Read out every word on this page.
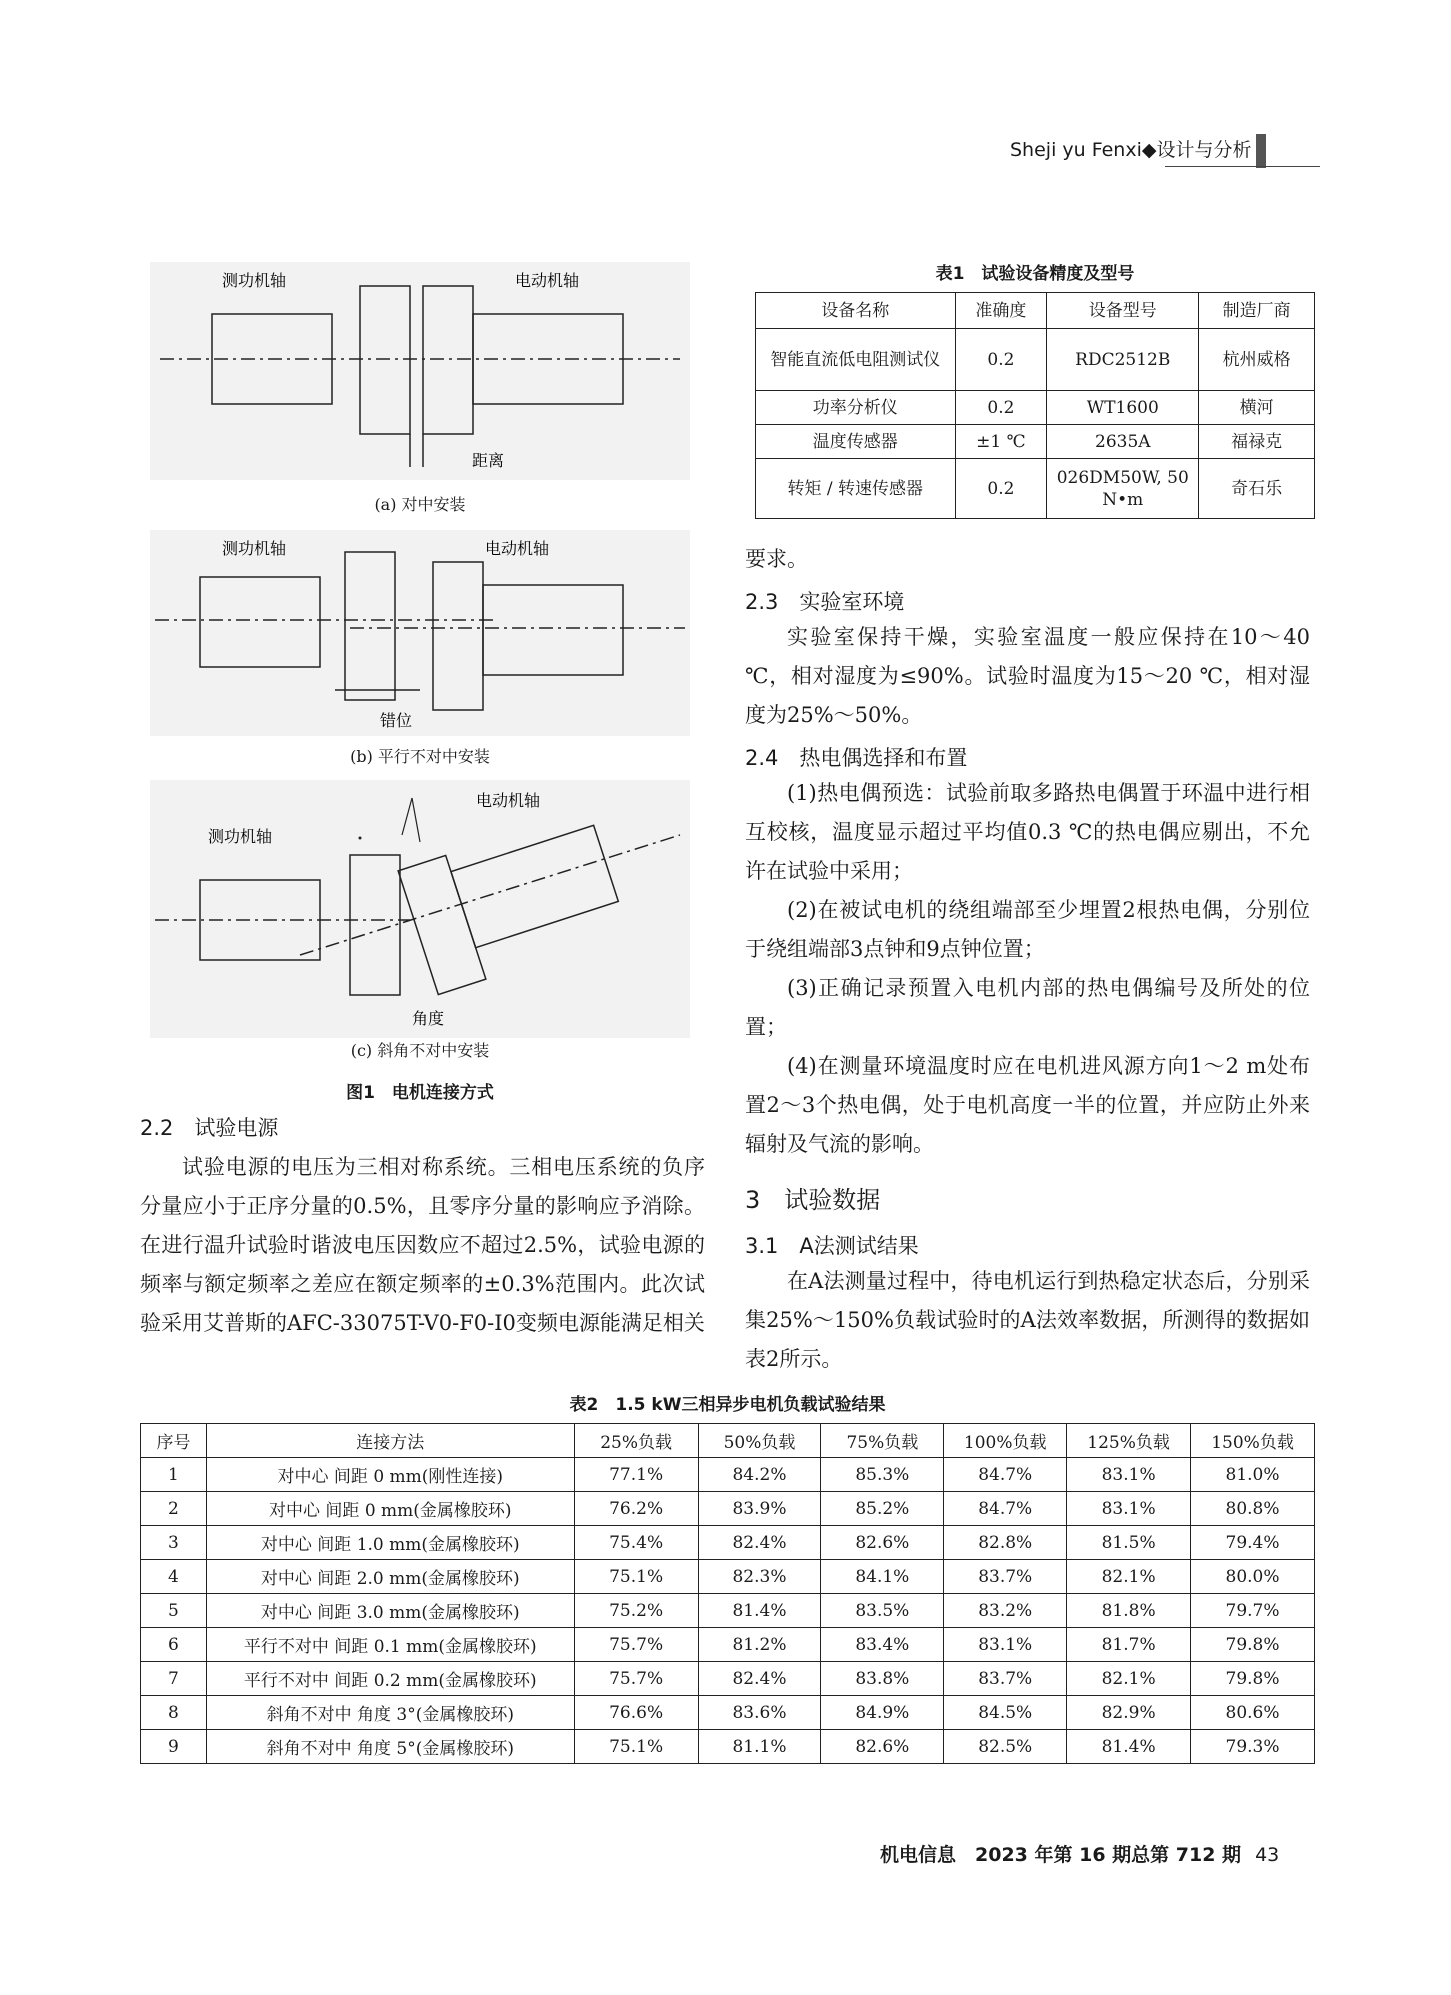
Sheji yu Fenxi◆设计与分析
测功机轴	电动机轴
距离
(a) 对中安装
测功机轴	电动机轴
错位
(b) 平行不对中安装
测功机轴
电动机轴
角度
(c) 斜角不对中安装
图1　电机连接方式
2.2　试验电源

试验电源的电压为三相对称系统。三相电压系统的负序分量应小于正序分量的0.5%，且零序分量的影响应予消除。在进行温升试验时谐波电压因数应不超过2.5%，试验电源的频率与额定频率之差应在额定频率的±0.3%范围内。此次试验采用艾普斯的AFC-33075T-V0-F0-I0变频电源能满足相关

表1　试验设备精度及型号
设备名称	准确度	设备型号	制造厂商
智能直流低电阻测试仪	0.2	RDC2512B	杭州威格
功率分析仪	0.2	WT1600	横河
温度传感器	±1 ℃	2635A	福禄克
转矩 / 转速传感器	0.2	026DM50W, 50 N•m	奇石乐

要求。

2.3　实验室环境

实验室保持干燥，实验室温度一般应保持在10～40 ℃，相对湿度为≤90%。试验时温度为15～20 ℃，相对湿度为25%～50%。

2.4　热电偶选择和布置

(1)热电偶预选：试验前取多路热电偶置于环温中进行相互校核，温度显示超过平均值0.3 ℃的热电偶应剔出，不允许在试验中采用；

(2)在被试电机的绕组端部至少埋置2根热电偶，分别位于绕组端部3点钟和9点钟位置；

(3)正确记录预置入电机内部的热电偶编号及所处的位置；

(4)在测量环境温度时应在电机进风源方向1～2 m处布置2～3个热电偶，处于电机高度一半的位置，并应防止外来辐射及气流的影响。

3　试验数据
3.1　A法测试结果

在A法测量过程中，待电机运行到热稳定状态后，分别采集25%～150%负载试验时的A法效率数据，所测得的数据如表2所示。

表2　1.5 kW三相异步电机负载试验结果
序号	连接方法	25%负载	50%负载	75%负载	100%负载	125%负载	150%负载
1	对中心 间距 0 mm(刚性连接)	77.1%	84.2%	85.3%	84.7%	83.1%	81.0%
2	对中心 间距 0 mm(金属橡胶环)	76.2%	83.9%	85.2%	84.7%	83.1%	80.8%
3	对中心 间距 1.0 mm(金属橡胶环)	75.4%	82.4%	82.6%	82.8%	81.5%	79.4%
4	对中心 间距 2.0 mm(金属橡胶环)	75.1%	82.3%	84.1%	83.7%	82.1%	80.0%
5	对中心 间距 3.0 mm(金属橡胶环)	75.2%	81.4%	83.5%	83.2%	81.8%	79.7%
6	平行不对中 间距 0.1 mm(金属橡胶环)	75.7%	81.2%	83.4%	83.1%	81.7%	79.8%
7	平行不对中 间距 0.2 mm(金属橡胶环)	75.7%	82.4%	83.8%	83.7%	82.1%	79.8%
8	斜角不对中 角度 3°(金属橡胶环)	76.6%	83.6%	84.9%	84.5%	82.9%	80.6%
9	斜角不对中 角度 5°(金属橡胶环)	75.1%	81.1%	82.6%	82.5%	81.4%	79.3%
机电信息　2023 年第 16 期总第 712 期 43
